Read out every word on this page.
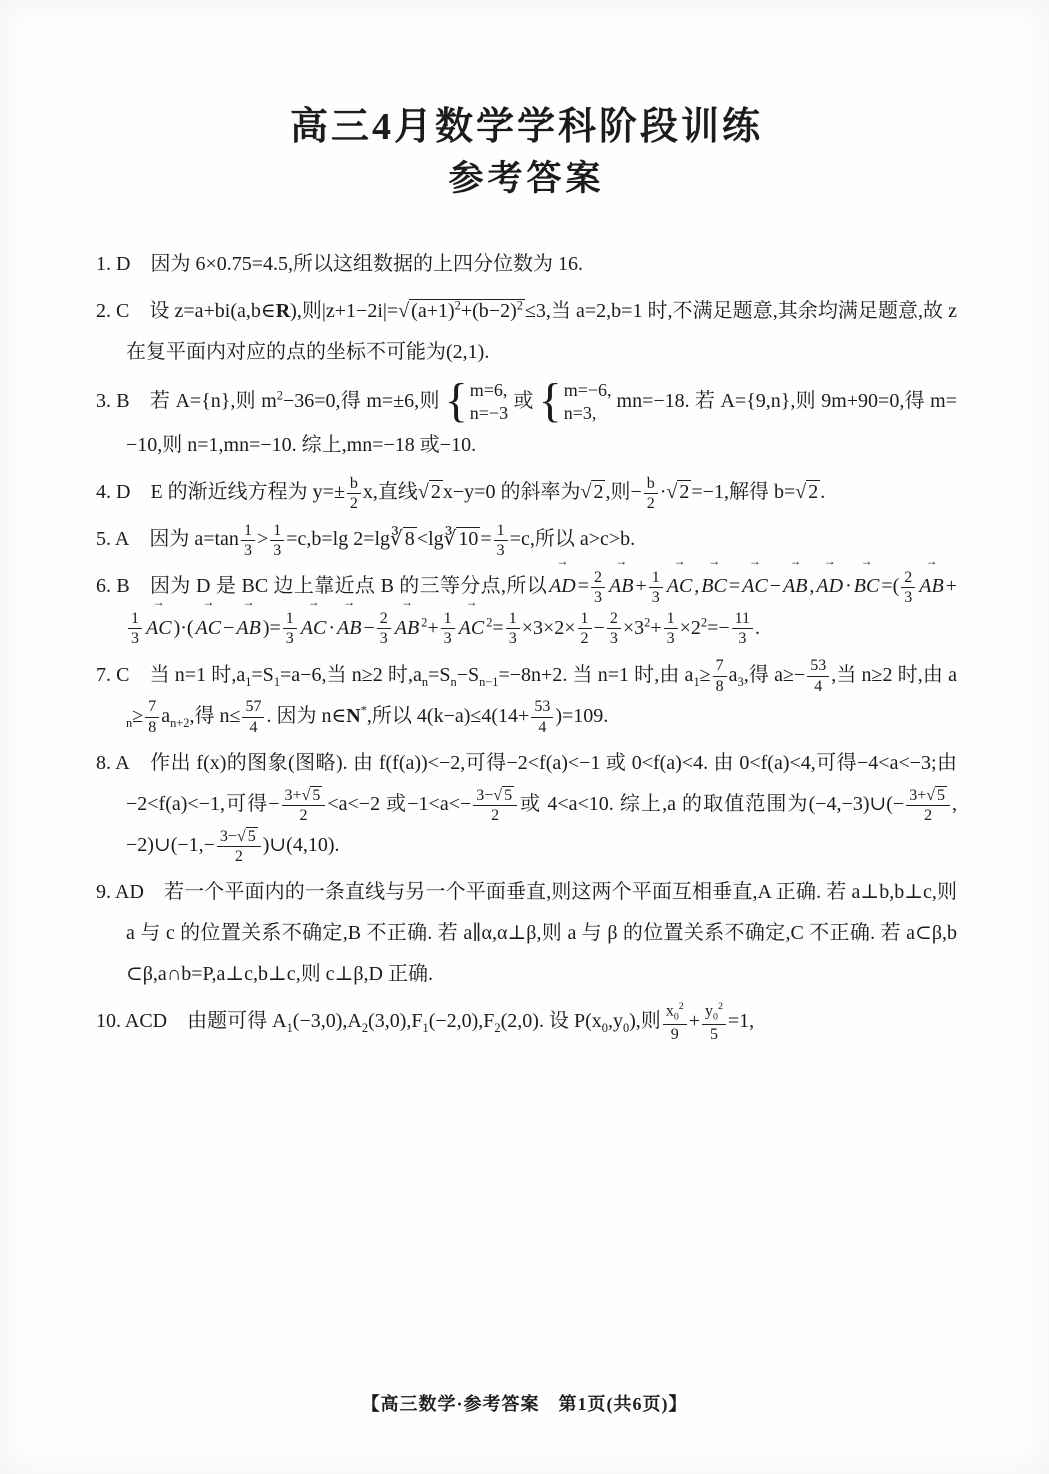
高三4月数学学科阶段训练
参考答案
1. D 因为 6×0.75=4.5,所以这组数据的上四分位数为 16.
2. C 设 z=a+bi(a,b∈R),则|z+1−2i|=√ $(a+1)^2+(b-2)^2 \le 3$,当 a=2,b=1 时,不满足题意,其余均满足题意,故 z 在复平面内对应的点的坐标不可能为(2,1).
3. B 若 A={n},则 $m^2-36=0$,得 m=±6,则 { m=6,
n=−3
或 { m=−6,
n=3,
mn=−18. 若 A={9,n},则 9m+90=0,得 m=−10,则 n=1,mn=−10. 综上,mn=−18 或−10.
4. D E 的渐近线方程为 $y=\pm \frac{b}{2} x$,直线√ 2 x−y=0 的斜率为√ 2 ,则− $\frac{b}{2}$ ·√ 2 =−1,解得 b=√ 2 .
5. A 因为 $a=\tan \frac{1}{3} > \frac{1}{3} =c,b=\lg$ 2=lg∛ 8 <lg∛ $10 = \frac{1}{3} =c$,所以 a>c>b.
6. B 因为 D 是 BC 边上靠近点 B 的三等分点,所以 AD → = $\frac{2}{3}$ AB → + $\frac{1}{3}$ AC → , BC → = AC → − AB → , AD → · BC → =( $\frac{2}{3}$ AB → +
$\frac{1}{3}$ AC → )·( AC → − AB → )= $\frac{1}{3}$ AC → · AB → − $\frac{2}{3}$ AB → $^2+ \frac{1}{3}$ AC → $^2= \frac{1}{3} \times 3\times 2\times \frac{1}{2} - \frac{2}{3} \times 3^2+ \frac{1}{3} \times 2^2=- \frac{11}{3}$ .
7. C 当 n=1 时$,a_1=S_1=a-6$,当 n≥2 时$,a_n=S_n-S_{n-1}=-8n+2$. 当 n=1 时,由 $a_1\ge \frac{7}{8} a_3$,得 $a\ge- \frac{53}{4}$ ,当 n≥2 时,由 $a_n\ge \frac{7}{8} a_{n+2}$,得 $n\le \frac{57}{4}$ . 因为 n∈N*,所以 $4(k-a)\le 4(14+ \frac{53}{4} )=109$.
8. A 作出 f(x)的图象(图略). 由 f(f(a))<−2,可得−2<f(a)<−1 或 0<f(a)<4. 由 0<f(a)<4,可得−4<a<−3;由−2<f(a)<−1,可得− $\frac{3+√ 5}{2} <a<-2$ 或$-1<a<- \frac{3-√ 5}{2}$ 或 4<a<10. 综上,a 的取值范围为(−4,−3)∪(− $\frac{3+√ 5}{2}$ ,−2)∪(−1,− $\frac{3-√ 5}{2}$ )∪(4,10).
9. AD 若一个平面内的一条直线与另一个平面垂直,则这两个平面互相垂直,A 正确. 若 a⊥b,b⊥c,则 a 与 c 的位置关系不确定,B 不正确. 若 a∥α,α⊥β,则 a 与 β 的位置关系不确定,C 不正确. 若 a⊂β,b⊂β,a∩b=P,a⊥c,b⊥c,则 c⊥β,D 正确.
10. ACD 由题可得 $A_1(-3,0),A_2(3,0),F_1(-2,0),F_2(2,0)$. 设 $P(x_0,y_0)$,则 $\frac{x_0^2}{9} + \frac{y_0^2}{5} =1$,
【高三数学·参考答案　第1页(共6页)】
